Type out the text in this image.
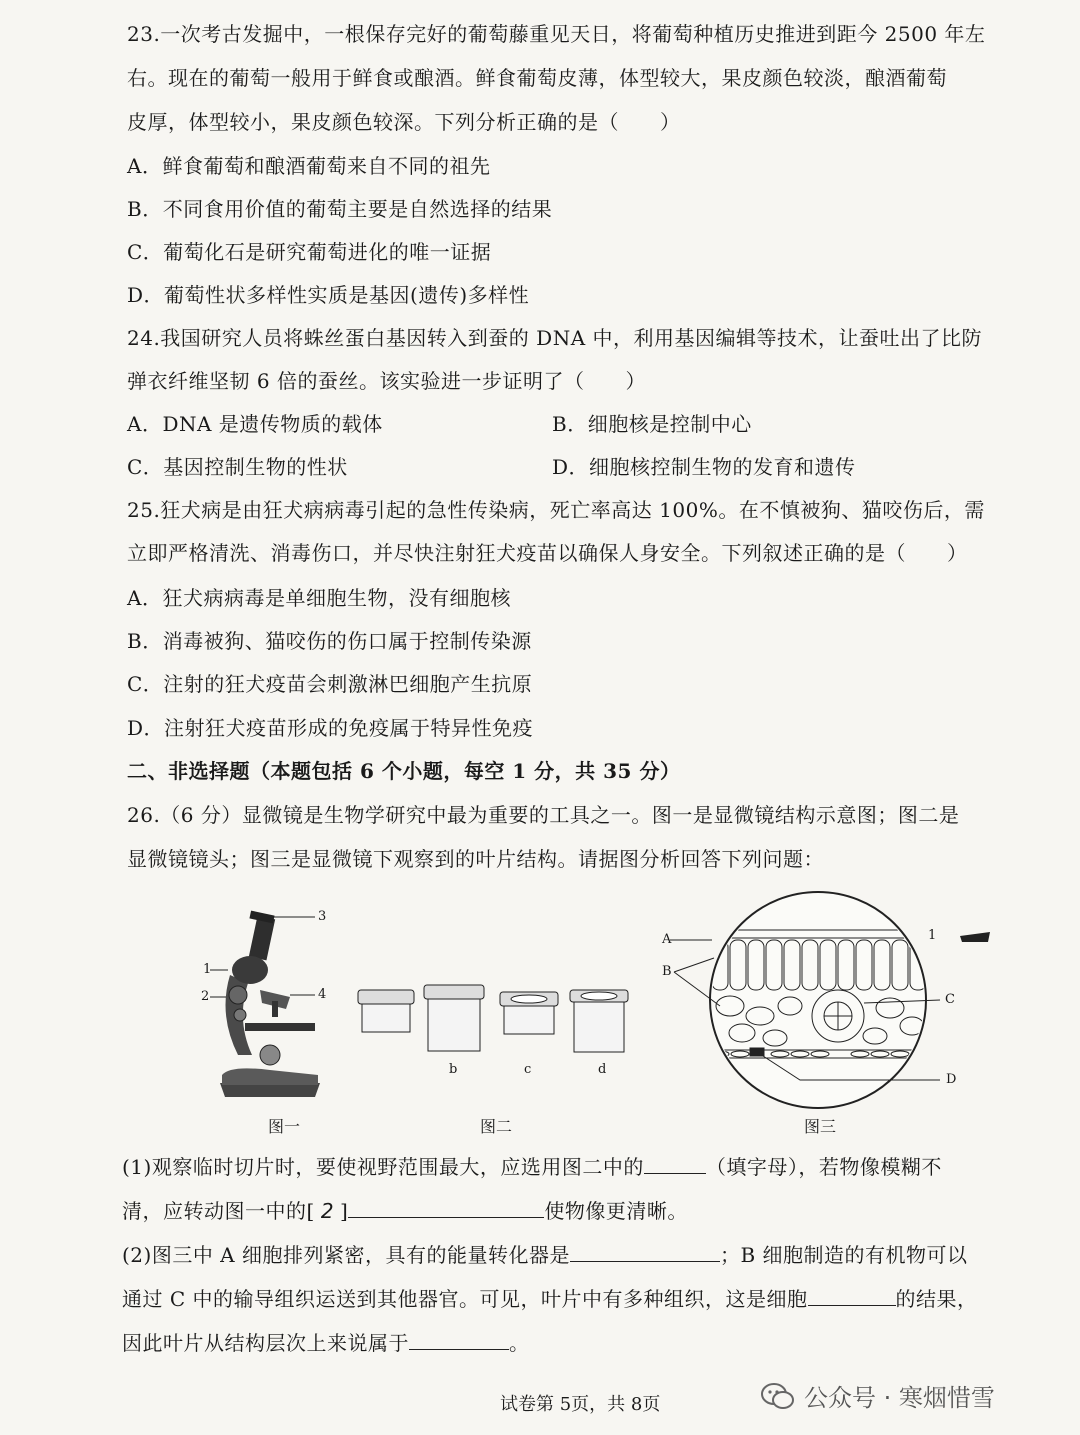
23.一次考古发掘中，一根保存完好的葡萄藤重见天日，将葡萄种植历史推进到距今 2500 年左
右。现在的葡萄一般用于鲜食或酿酒。鲜食葡萄皮薄，体型较大，果皮颜色较淡，酿酒葡萄
皮厚，体型较小，果皮颜色较深。下列分析正确的是（　　）
A．鲜食葡萄和酿酒葡萄来自不同的祖先
B．不同食用价值的葡萄主要是自然选择的结果
C．葡萄化石是研究葡萄进化的唯一证据
D．葡萄性状多样性实质是基因(遗传)多样性
24.我国研究人员将蛛丝蛋白基因转入到蚕的 DNA 中，利用基因编辑等技术，让蚕吐出了比防
弹衣纤维坚韧 6 倍的蚕丝。该实验进一步证明了（　　）
A．DNA 是遗传物质的载体	B．细胞核是控制中心
C．基因控制生物的性状	D．细胞核控制生物的发育和遗传
25.狂犬病是由狂犬病病毒引起的急性传染病，死亡率高达 100%。在不慎被狗、猫咬伤后，需
立即严格清洗、消毒伤口，并尽快注射狂犬疫苗以确保人身安全。下列叙述正确的是（　　）
A．狂犬病病毒是单细胞生物，没有细胞核
B．消毒被狗、猫咬伤的伤口属于控制传染源
C．注射的狂犬疫苗会刺激淋巴细胞产生抗原
D．注射狂犬疫苗形成的免疫属于特异性免疫
二、非选择题（本题包括 6 个小题，每空 1 分，共 35 分）
26.（6 分）显微镜是生物学研究中最为重要的工具之一。图一是显微镜结构示意图；图二是
显微镜镜头；图三是显微镜下观察到的叶片结构。请据图分析回答下列问题：
1
2
3
4
图一
b	c	d
图二
A
B
C
D
1
图三
(1)观察临时切片时，要使视野范围最大，应选用图二中的	（填字母），若物像模糊不
清，应转动图一中的[ 2 ]	使物像更清晰。
(2)图三中 A 细胞排列紧密，具有的能量转化器是	；B 细胞制造的有机物可以
通过 C 中的输导组织运送到其他器官。可见，叶片中有多种组织，这是细胞	的结果，
因此叶片从结构层次上来说属于	。
试卷第 5页，共 8页	公众号 · 寒烟惜雪
